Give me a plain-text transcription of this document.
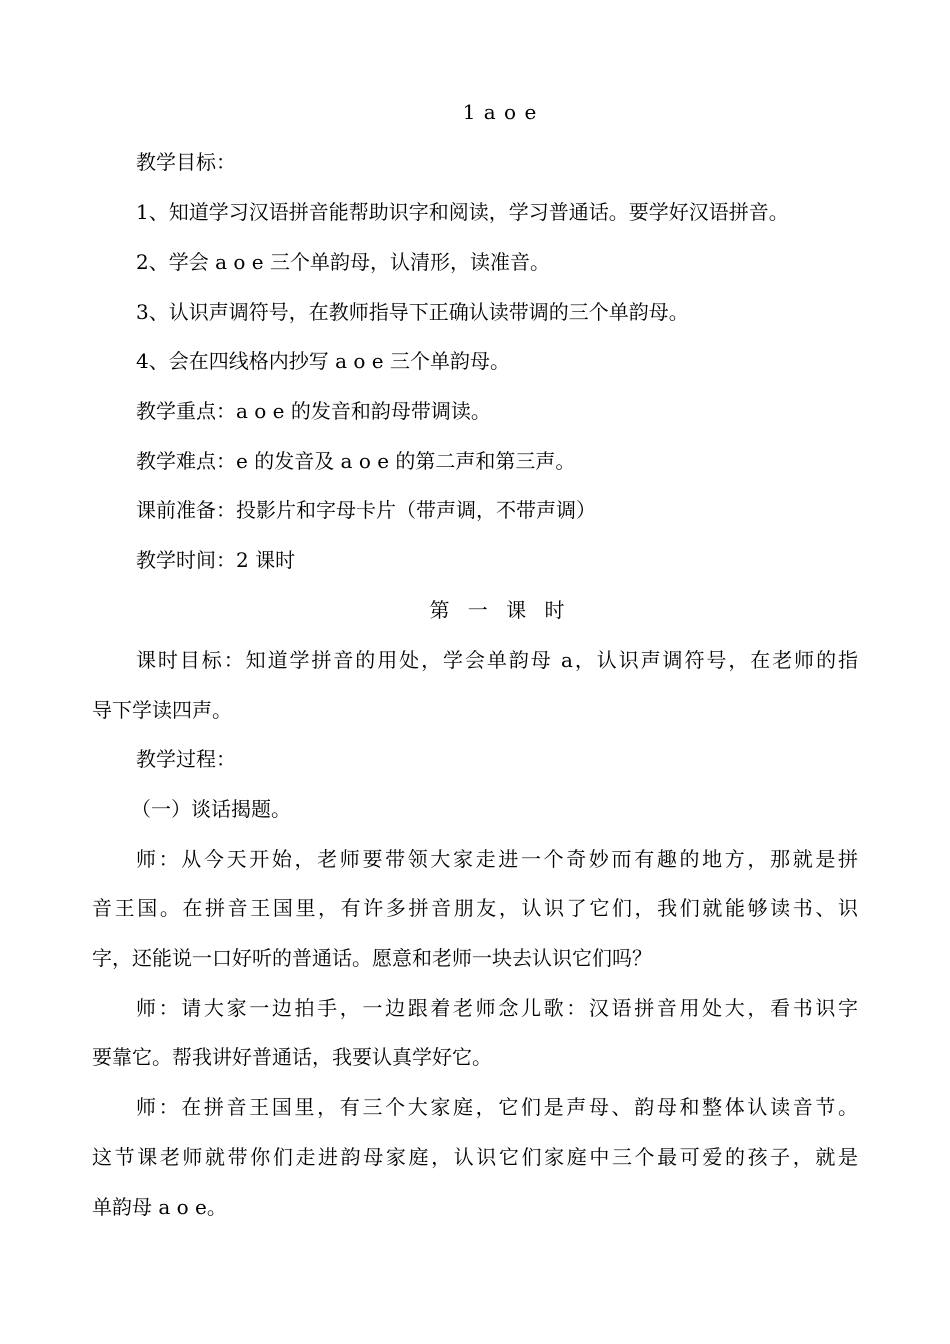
1 a o e

教学目标：

1、知道学习汉语拼音能帮助识字和阅读，学习普通话。要学好汉语拼音。

2、学会 a o e 三个单韵母，认清形，读准音。

3、认识声调符号，在教师指导下正确认读带调的三个单韵母。

4、会在四线格内抄写 a o e 三个单韵母。

教学重点：a o e 的发音和韵母带调读。

教学难点：e 的发音及 a o e 的第二声和第三声。

课前准备：投影片和字母卡片（带声调，不带声调）

教学时间：2 课时

第 一 课 时

课时目标：知道学拼音的用处，学会单韵母 a，认识声调符号，在老师的指

导下学读四声。

教学过程：

（一）谈话揭题。

师：从今天开始，老师要带领大家走进一个奇妙而有趣的地方，那就是拼

音王国。在拼音王国里，有许多拼音朋友，认识了它们，我们就能够读书、识

字，还能说一口好听的普通话。愿意和老师一块去认识它们吗？

师：请大家一边拍手，一边跟着老师念儿歌：汉语拼音用处大，看书识字

要靠它。帮我讲好普通话，我要认真学好它。

师：在拼音王国里，有三个大家庭，它们是声母、韵母和整体认读音节。

这节课老师就带你们走进韵母家庭，认识它们家庭中三个最可爱的孩子，就是

单韵母 a o e。
